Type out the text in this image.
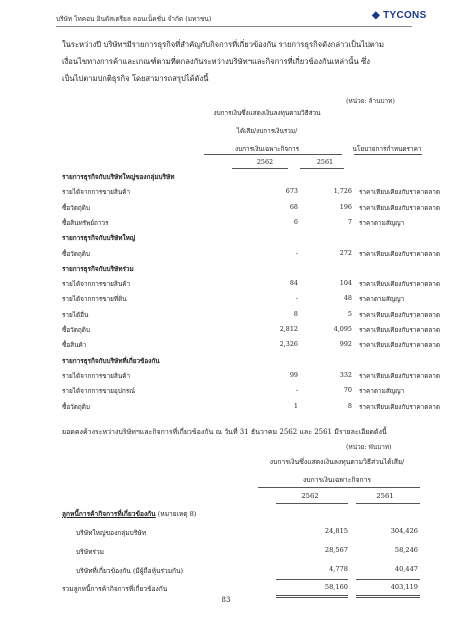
บริษัท ไทคอน อินดัสเตรียล คอนเน็คชั่น จำกัด (มหาชน)	◆ TYCONS
ในระหว่างปี บริษัทฯมีรายการธุรกิจที่สำคัญกับกิจการที่เกี่ยวข้องกัน รายการธุรกิจดังกล่าวเป็นไปตาม
เงื่อนไขทางการค้าและเกณฑ์ตามที่ตกลงกันระหว่างบริษัทฯและกิจการที่เกี่ยวข้องกันเหล่านั้น ซึ่ง
เป็นไปตามปกติธุรกิจ โดยสามารถสรุปได้ดังนี้
(หน่วย: ล้านบาท)
งบการเงินซึ่งแสดงเงินลงทุนตามวิธีส่วน
ได้เสีย/งบการเงินรวม/
งบการเงินเฉพาะกิจการ	นโยบายการกำหนดราคา
2562	2561
รายการธุรกิจกับบริษัทใหญ่ของกลุ่มบริษัท
รายได้จากการขายสินค้า	673	1,726 ราคาเทียบเคียงกับราคาตลาด
ซื้อวัตถุดิบ	68	196 ราคาเทียบเคียงกับราคาตลาด
ซื้อสินทรัพย์ถาวร	6	7 ราคาตามสัญญา
รายการธุรกิจกับบริษัทใหญ่
ซื้อวัตถุดิบ	-	272 ราคาเทียบเคียงกับราคาตลาด
รายการธุรกิจกับบริษัทร่วม
รายได้จากการขายสินค้า	84	104 ราคาเทียบเคียงกับราคาตลาด
รายได้จากการขายที่ดิน	-	48 ราคาตามสัญญา
รายได้อื่น	8	5 ราคาเทียบเคียงกับราคาตลาด
ซื้อวัตถุดิบ	2,812	4,095 ราคาเทียบเคียงกับราคาตลาด
ซื้อสินค้า	2,326	992 ราคาเทียบเคียงกับราคาตลาด
รายการธุรกิจกับบริษัทที่เกี่ยวข้องกัน
รายได้จากการขายสินค้า	99	332 ราคาเทียบเคียงกับราคาตลาด
รายได้จากการขายอุปกรณ์	-	70 ราคาตามสัญญา
ซื้อวัตถุดิบ	1	8 ราคาเทียบเคียงกับราคาตลาด
ยอดคงค้างระหว่างบริษัทฯและกิจการที่เกี่ยวข้องกัน ณ วันที่ 31 ธันวาคม 2562 และ 2561 มีรายละเอียดดังนี้
(หน่วย: พันบาท)
งบการเงินซึ่งแสดงเงินลงทุนตามวิธีส่วนได้เสีย/
งบการเงินเฉพาะกิจการ
2562	2561
ลูกหนี้การค้ากิจการที่เกี่ยวข้องกัน (หมายเหตุ 8)
บริษัทใหญ่ของกลุ่มบริษัท	24,815	304,426
บริษัทร่วม	28,567	58,246
บริษัทที่เกี่ยวข้องกัน (มีผู้ถือหุ้นร่วมกัน)	4,778	40,447
รวมลูกหนี้การค้ากิจการที่เกี่ยวข้องกัน	58,160	403,119
83
